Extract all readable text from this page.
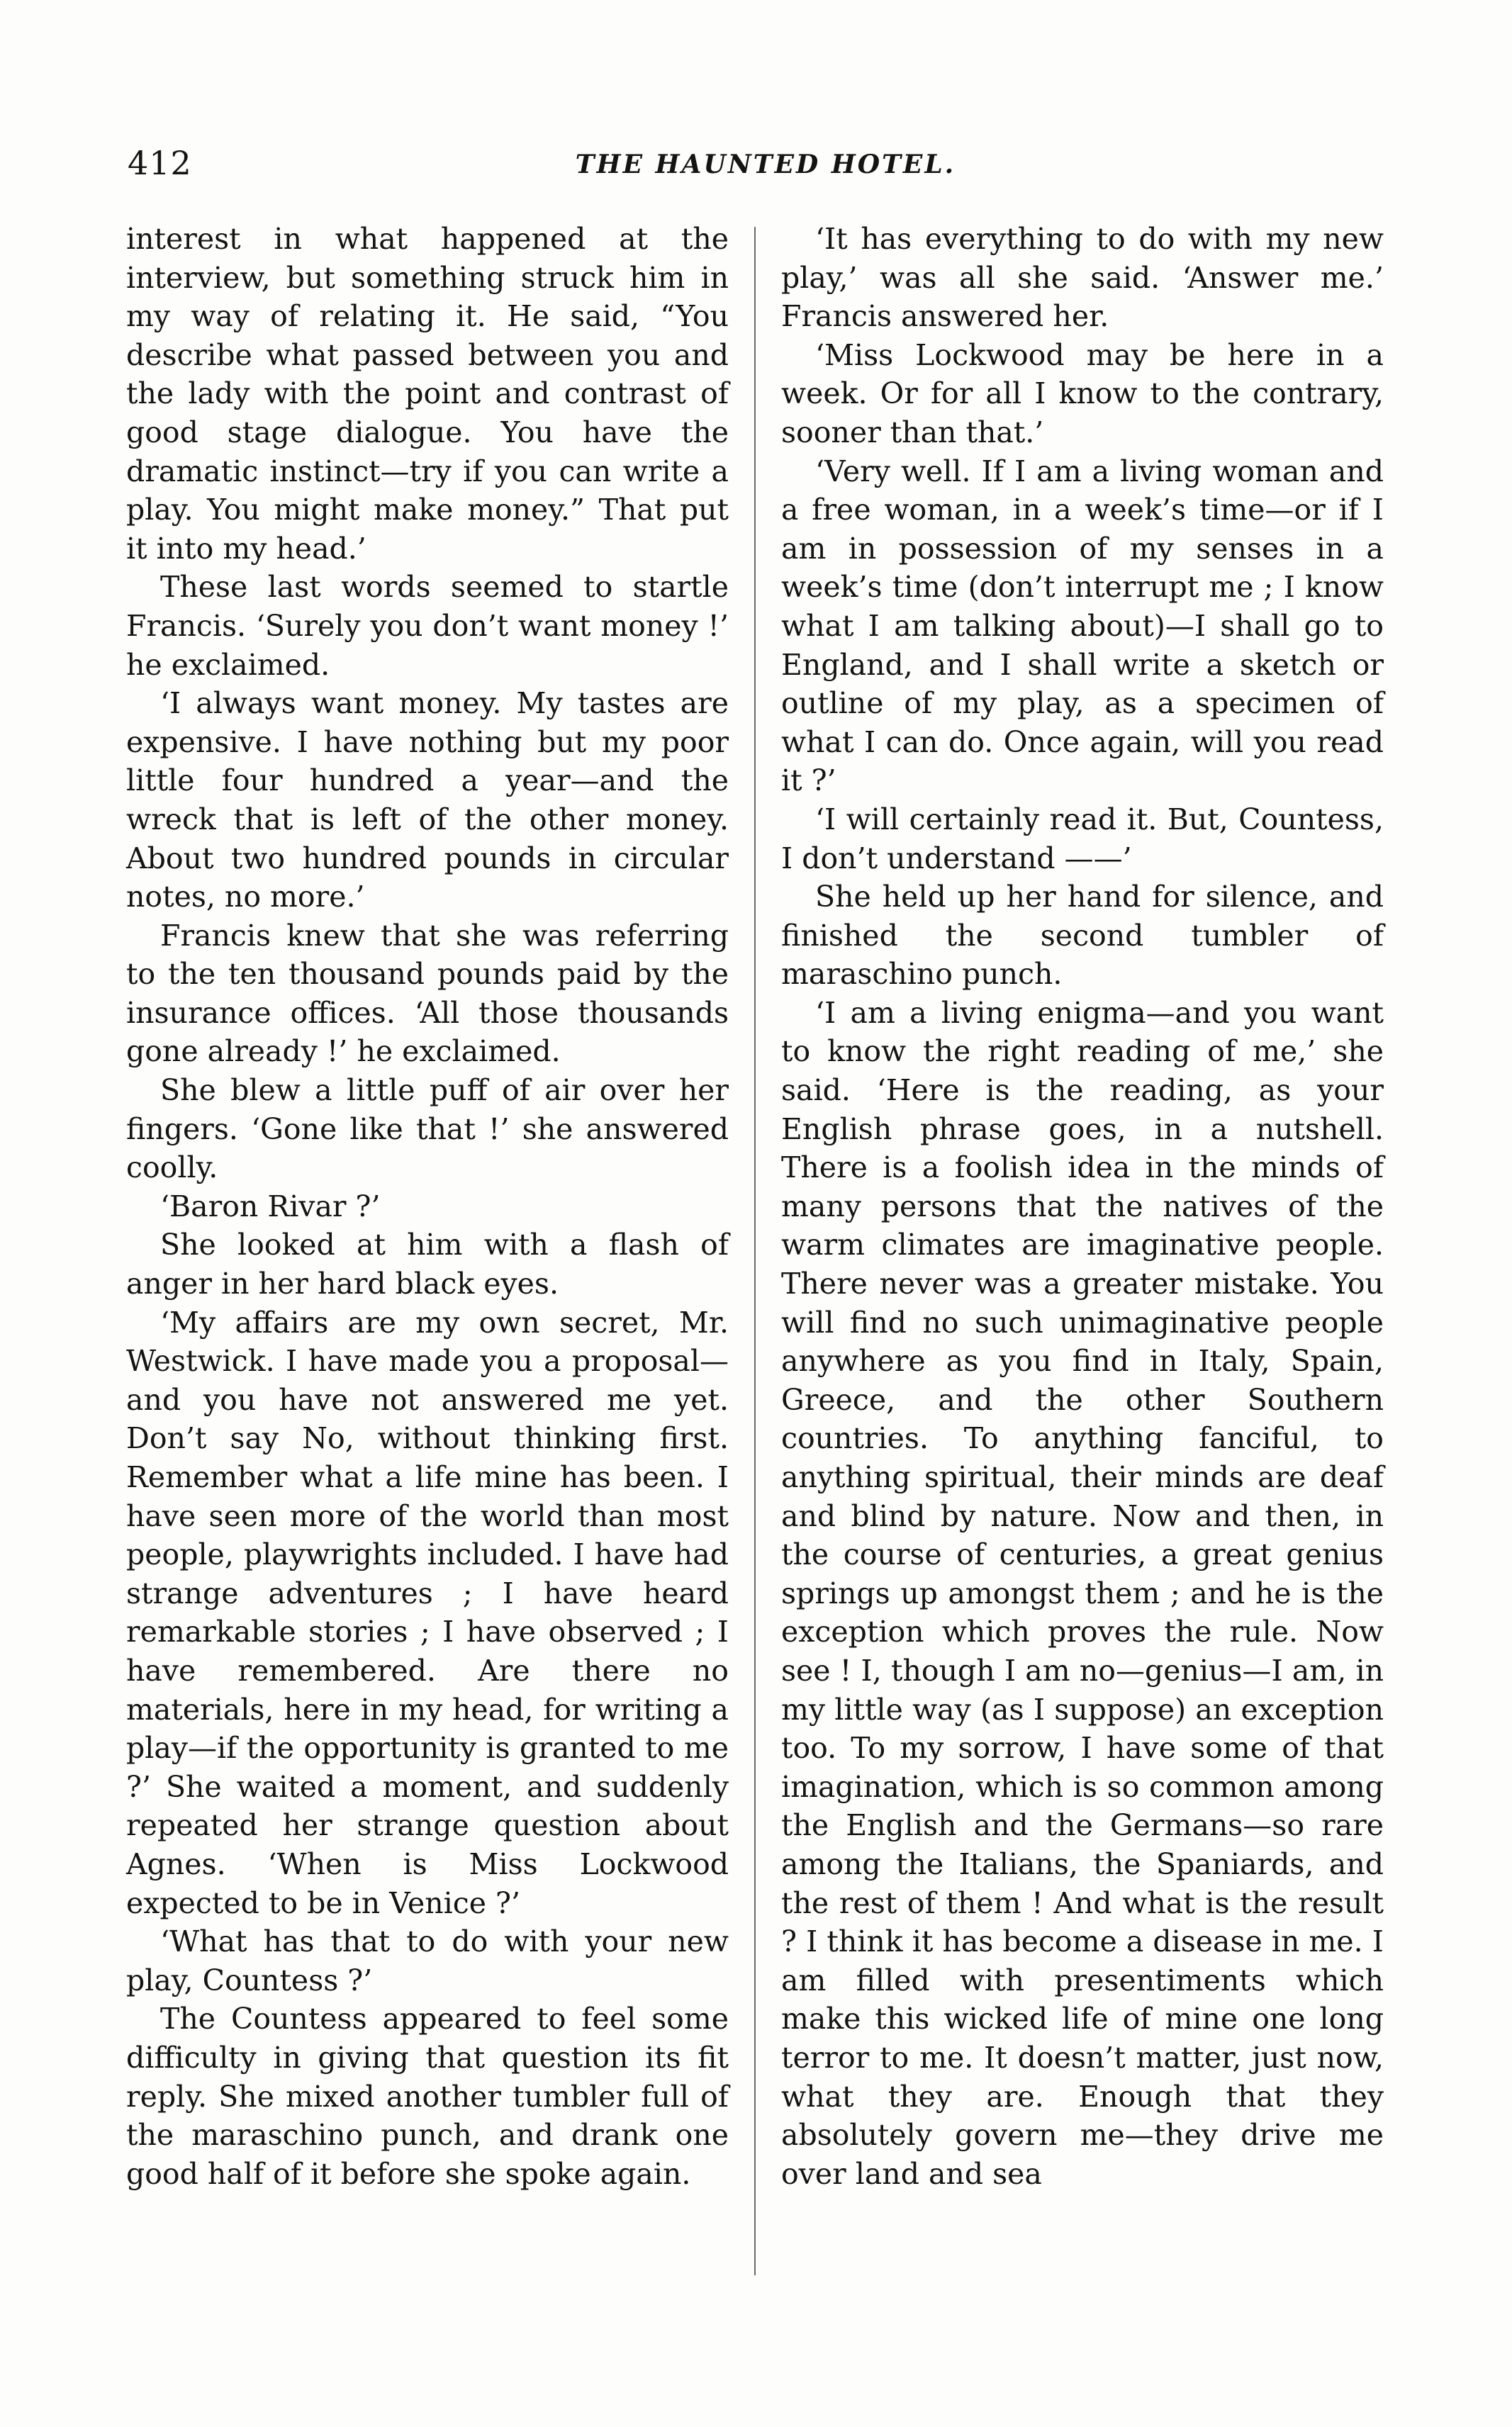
412	THE HAUNTED HOTEL.

interest in what happened at the interview, but something struck him in my way of relating it. He said, “You describe what passed between you and the lady with the point and contrast of good stage dialogue. You have the dramatic instinct—try if you can write a play. You might make money.” That put it into my head.’

These last words seemed to startle Francis. ‘Surely you don’t want money !’ he exclaimed.

‘I always want money. My tastes are expensive. I have nothing but my poor little four hundred a year—and the wreck that is left of the other money. About two hundred pounds in circular notes, no more.’

Francis knew that she was referring to the ten thousand pounds paid by the insurance offices. ‘All those thousands gone already !’ he exclaimed.

She blew a little puff of air over her fingers. ‘Gone like that !’ she answered coolly.

‘Baron Rivar ?’

She looked at him with a flash of anger in her hard black eyes.

‘My affairs are my own secret, Mr. Westwick. I have made you a proposal—and you have not answered me yet. Don’t say No, without thinking first. Remember what a life mine has been. I have seen more of the world than most people, playwrights included. I have had strange adventures ; I have heard remarkable stories ; I have observed ; I have remembered. Are there no materials, here in my head, for writing a play—if the opportunity is granted to me ?’ She waited a moment, and suddenly repeated her strange question about Agnes. ‘When is Miss Lockwood expected to be in Venice ?’

‘What has that to do with your new play, Countess ?’

The Countess appeared to feel some difficulty in giving that question its fit reply. She mixed another tumbler full of the maraschino punch, and drank one good half of it before she spoke again.

‘It has everything to do with my new play,’ was all she said. ‘Answer me.’ Francis answered her.

‘Miss Lockwood may be here in a week. Or for all I know to the contrary, sooner than that.’

‘Very well. If I am a living woman and a free woman, in a week’s time—or if I am in possession of my senses in a week’s time (don’t interrupt me ; I know what I am talking about)—I shall go to England, and I shall write a sketch or outline of my play, as a specimen of what I can do. Once again, will you read it ?’

‘I will certainly read it. But, Countess, I don’t understand ——’

She held up her hand for silence, and finished the second tumbler of maraschino punch.

‘I am a living enigma—and you want to know the right reading of me,’ she said. ‘Here is the reading, as your English phrase goes, in a nutshell. There is a foolish idea in the minds of many persons that the natives of the warm climates are imaginative people. There never was a greater mistake. You will find no such unimaginative people anywhere as you find in Italy, Spain, Greece, and the other Southern countries. To anything fanciful, to anything spiritual, their minds are deaf and blind by nature. Now and then, in the course of centuries, a great genius springs up amongst them ; and he is the exception which proves the rule. Now see ! I, though I am no—genius—I am, in my little way (as I suppose) an exception too. To my sorrow, I have some of that imagination, which is so common among the English and the Germans—so rare among the Italians, the Spaniards, and the rest of them ! And what is the result ? I think it has become a disease in me. I am filled with presentiments which make this wicked life of mine one long terror to me. It doesn’t matter, just now, what they are. Enough that they absolutely govern me—they drive me over land and sea
